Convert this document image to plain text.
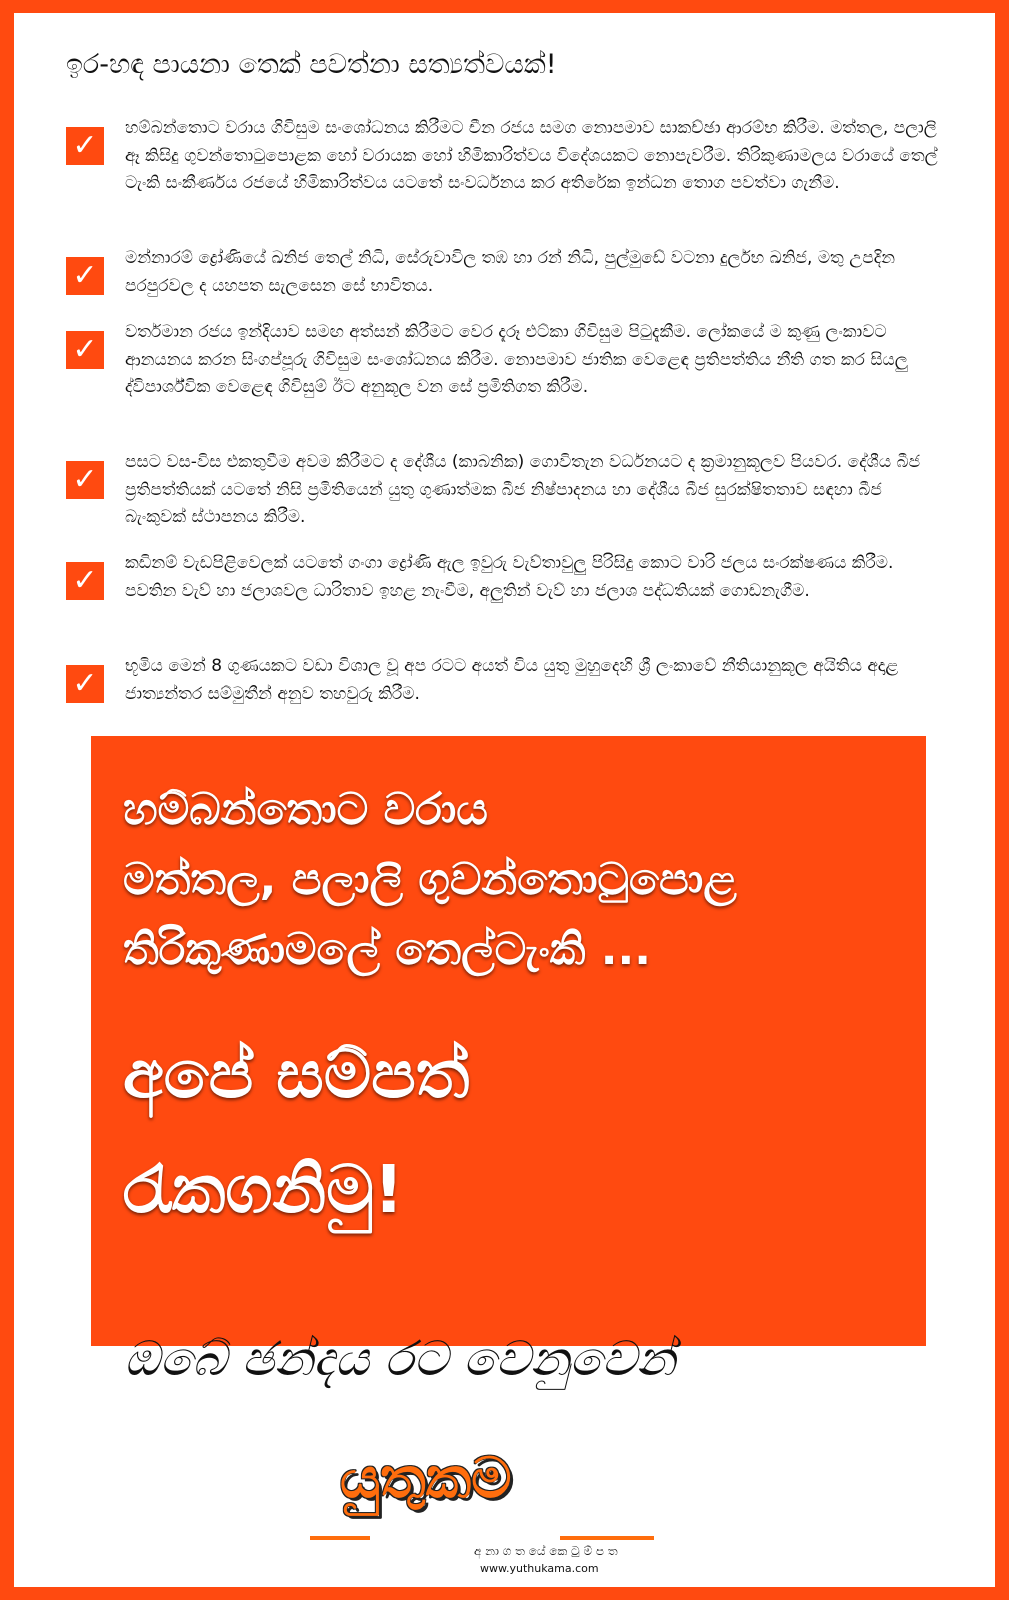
ඉර-හඳ පායනා තෙක් පවත්නා සත්‍යත්වයක්!
✓	හම්බන්තොට වරාය ගිවිසුම සංශෝධනය කිරීමට චීන රජය සමග නොපමාව සාකච්ඡා ආරම්භ කිරීම. මත්තල, පලාලි ඈ කිසිදු ගුවන්තොටුපොළක හෝ වරායක හෝ හිමිකාරිත්වය විදේශයකට නොපැවරීම. තිරිකුණාමලය වරායේ තෙල් ටැංකි සංකීර්ණය රජයේ හිමිකාරිත්වය යටතේ සංවර්ධනය කර අතිරේක ඉන්ධන තොග පවත්වා ගැනීම.

✓	මන්නාරම් ද්‍රෝණියේ ඛනිජ තෙල් නිධි, සේරුවාවිල තඹ හා රන් නිධි, පුල්මුඩේ වටනා දුර්ලභ ඛනිජ, මතු උපදින පරපුරවල ද යහපත සැලසෙන සේ භාවිතය.

✓	වර්තමාන රජය ඉන්දියාව සමඟ අත්සන් කිරීමට වෙර දැරූ එට්කා ගිවිසුම පිටුදැකීම. ලෝකයේ ම කුණු ලංකාවට ආනයනය කරන සිංගප්පූරු ගිවිසුම සංශෝධනය කිරීම. නොපමාව ජාතික වෙළෙඳ ප්‍රතිපත්තිය නීති ගත කර සියලු ද්විපාර්ශ්වික වෙළෙඳ ගිවිසුම් ඊට අනුකූල වන සේ ප්‍රමිතිගත කිරීම.

✓	පසට වස-විස එකතුවීම අවම කිරීමට ද දේශීය (කාබනික) ගොවිතැන වර්ධනයට ද ක්‍රමානුකූලව පියවර. දේශීය බීජ ප්‍රතිපත්තියක් යටතේ නිසි ප්‍රමිතියෙන් යුතු ගුණාත්මක බීජ නිෂ්පාදනය හා දේශීය බීජ සුරක්ෂිතතාව සඳහා බීජ බැංකුවක් ස්ථාපනය කිරීම.

✓	කඩිනම් වැඩපිළිවෙලක් යටතේ ගංගා ද්‍රෝණි ඇල ඉවුරු වැව්තාවුලු පිරිසිදු කොට වාරි ජලය සංරක්ෂණය කිරීම. පවතින වැව් හා ජලාශවල ධාරිතාව ඉහළ නැංවීම, අලුතින් වැව් හා ජලාශ පද්ධතියක් ගොඩනැගීම.

✓	භූමිය මෙන් 8 ගුණයකට වඩා විශාල වූ අප රටට අයත් විය යුතු මුහුදෙහි ශ්‍රී ලංකාවේ නීතියානුකූල අයිතිය අදාළ ජාත්‍යන්තර සම්මුතීන් අනුව තහවුරු කිරීම.

හම්බන්තොට වරාය

මත්තල, පලාලි ගුවන්තොටුපොළ

තිරිකුණාමලේ තෙල්ටැංකි ...

අපේ සම්පත්

රැකගනිමු!

ඔබේ ඡන්දය රට වෙනුවෙන්

යුතුකම

අ නා ග ත යේ කෙ ටු ම් ප ත

www.yuthukama.com
